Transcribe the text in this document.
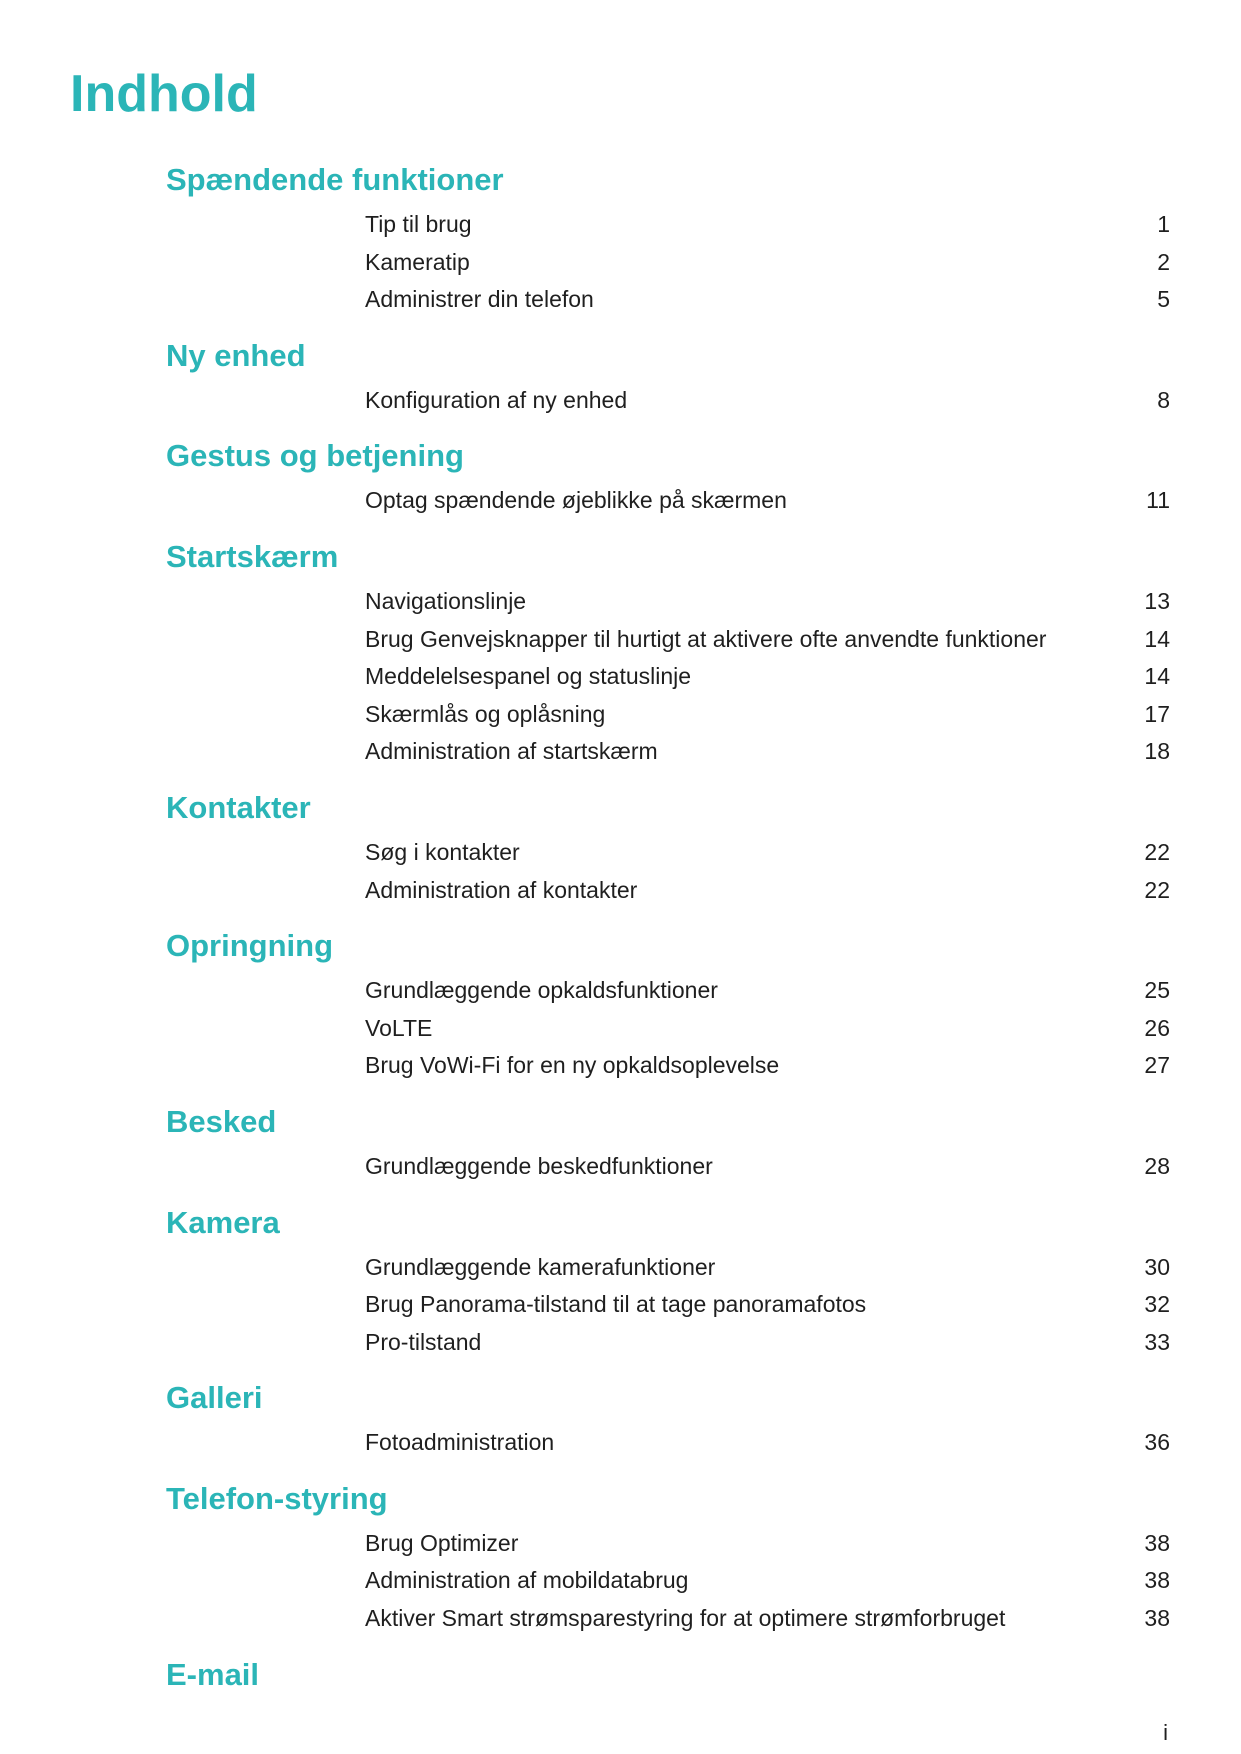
Indhold
Spændende funktioner
Tip til brug	1
Kameratip	2
Administrer din telefon	5
Ny enhed
Konfiguration af ny enhed	8
Gestus og betjening
Optag spændende øjeblikke på skærmen	11
Startskærm
Navigationslinje	13
Brug Genvejsknapper til hurtigt at aktivere ofte anvendte funktioner	14
Meddelelsespanel og statuslinje	14
Skærmlås og oplåsning	17
Administration af startskærm	18
Kontakter
Søg i kontakter	22
Administration af kontakter	22
Opringning
Grundlæggende opkaldsfunktioner	25
VoLTE	26
Brug VoWi-Fi for en ny opkaldsoplevelse	27
Besked
Grundlæggende beskedfunktioner	28
Kamera
Grundlæggende kamerafunktioner	30
Brug Panorama-tilstand til at tage panoramafotos	32
Pro-tilstand	33
Galleri
Fotoadministration	36
Telefon-styring
Brug Optimizer	38
Administration af mobildatabrug	38
Aktiver Smart strømsparestyring for at optimere strømforbruget	38
E-mail
i
